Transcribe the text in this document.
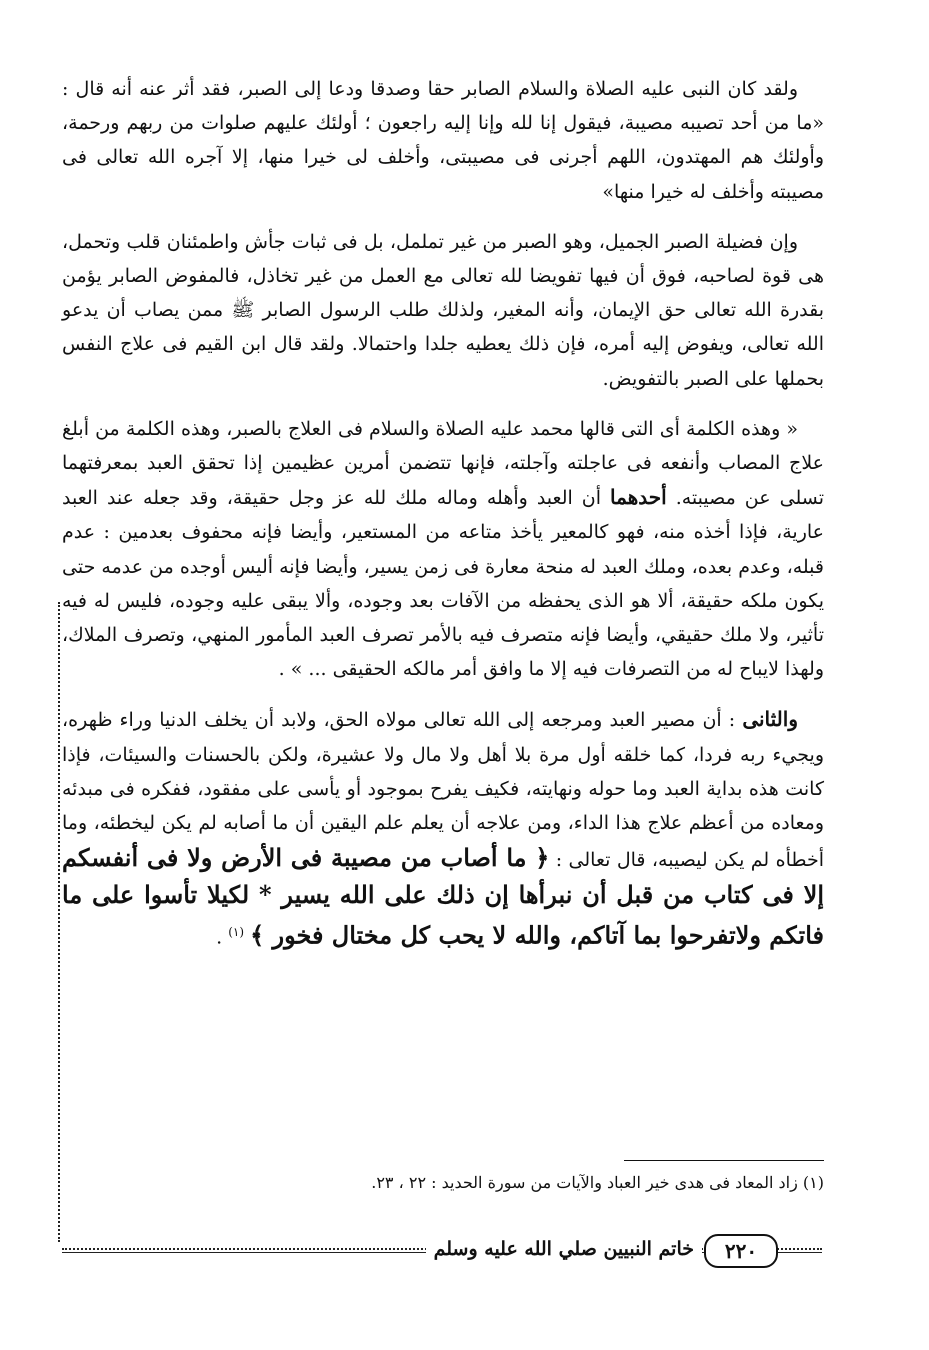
ولقد كان النبى عليه الصلاة والسلام الصابر حقا وصدقا ودعا إلى الصبر، فقد أثر عنه أنه قال : «ما من أحد تصيبه مصيبة، فيقول إنا لله وإنا إليه راجعون ؛ أولئك عليهم صلوات من ربهم ورحمة، وأولئك هم المهتدون، اللهم أجرنى فى مصيبتى، وأخلف لى خيرا منها، إلا آجره الله تعالى فى مصيبته وأخلف له خيرا منها»

وإن فضيلة الصبر الجميل، وهو الصبر من غير تململ، بل فى ثبات جأش واطمئنان قلب وتحمل، هى قوة لصاحبه، فوق أن فيها تفويضا لله تعالى مع العمل من غير تخاذل، فالمفوض الصابر يؤمن بقدرة الله تعالى حق الإيمان، وأنه المغير، ولذلك طلب الرسول الصابر ﷺ ممن يصاب أن يدعو الله تعالى، ويفوض إليه أمره، فإن ذلك يعطيه جلدا واحتمالا. ولقد قال ابن القيم فى علاج النفس بحملها على الصبر بالتفويض.

« وهذه الكلمة أى التى قالها محمد عليه الصلاة والسلام فى العلاج بالصبر، وهذه الكلمة من أبلغ علاج المصاب وأنفعه فى عاجلته وآجلته، فإنها تتضمن أمرين عظيمين إذا تحقق العبد بمعرفتهما تسلى عن مصيبته. أحدهما أن العبد وأهله وماله ملك لله عز وجل حقيقة، وقد جعله عند العبد عارية، فإذا أخذه منه، فهو كالمعير يأخذ متاعه من المستعير، وأيضا فإنه محفوف بعدمين : عدم قبله، وعدم بعده، وملك العبد له منحة معارة فى زمن يسير، وأيضا فإنه أليس أوجده من عدمه حتى يكون ملكه حقيقة، ألا هو الذى يحفظه من الآفات بعد وجوده، وألا يبقى عليه وجوده، فليس له فيه تأثير، ولا ملك حقيقي، وأيضا فإنه متصرف فيه بالأمر تصرف العبد المأمور المنهي، وتصرف الملاك، ولهذا لايباح له من التصرفات فيه إلا ما وافق أمر مالكه الحقيقى ... » .

والثانى : أن مصير العبد ومرجعه إلى الله تعالى مولاه الحق، ولابد أن يخلف الدنيا وراء ظهره، ويجيء ربه فردا، كما خلقه أول مرة بلا أهل ولا مال ولا عشيرة، ولكن بالحسنات والسيئات، فإذا كانت هذه بداية العبد وما حوله ونهايته، فكيف يفرح بموجود أو يأسى على مفقود، ففكره فى مبدئه ومعاده من أعظم علاج هذا الداء، ومن علاجه أن يعلم علم اليقين أن ما أصابه لم يكن ليخطئه، وما أخطأه لم يكن ليصيبه، قال تعالى : ﴿ ما أصاب من مصيبة فى الأرض ولا فى أنفسكم إلا فى كتاب من قبل أن نبرأها إن ذلك على الله يسير * لكيلا تأسوا على ما فاتكم ولاتفرحوا بما آتاكم، والله لا يحب كل مختال فخور ﴾ $^{(١)}$ .

(١) زاد المعاد فى هدى خير العباد والآيات من سورة الحديد : ٢٢ ، ٢٣.
خاتم النبيين صلي الله عليه وسلم	٢٢٠
